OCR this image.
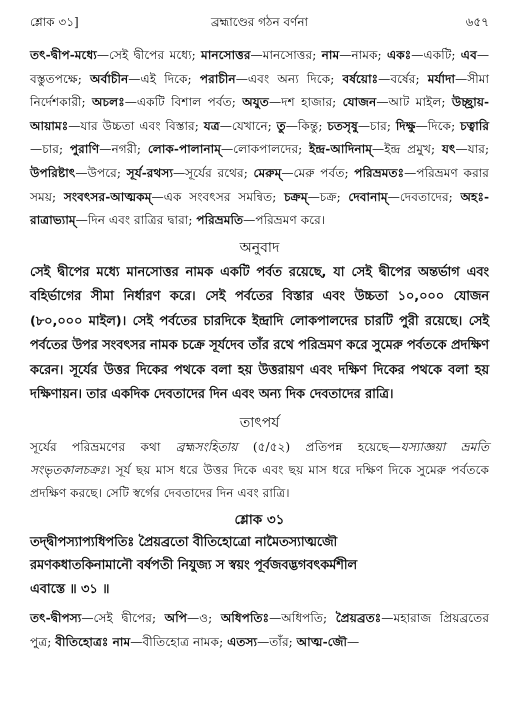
শ্লোক ৩১]	ব্রহ্মাণ্ডের গঠন বর্ণনা	৬৫৭

তৎ-দ্বীপ-মধ্যে—সেই দ্বীপের মধ্যে; মানসোত্তর—মানসোত্তর; নাম—নামক; একঃ—একটি; এব—বস্তুতপক্ষে; অর্বাচীন—এই দিকে; পরাচীন—এবং অন্য দিকে; বর্ষয়োঃ—বর্ষের; মর্যাদা—সীমা নির্দেশকারী; অচলঃ—একটি বিশাল পর্বত; অযুত—দশ হাজার; যোজন—আট মাইল; উচ্ছ্রায়-আয়ামঃ—যার উচ্চতা এবং বিস্তার; যত্র—যেখানে; তু—কিন্তু; চতসৃষু—চার; দিক্ষু—দিকে; চত্বারি—চার; পুরাণি—নগরী; লোক-পালানাম্—লোকপালদের; ইন্দ্র-আদিনাম্—ইন্দ্র প্রমুখ; যৎ—যার; উপরিষ্টাৎ—উপরে; সূর্য-রথস্য—সূর্যের রথের; মেরুম্—মেরু পর্বত; পরিভ্রমতঃ—পরিভ্রমণ করার সময়; সংবৎসর-আত্মকম্—এক সংবৎসর সমন্বিত; চক্রম্—চক্র; দেবানাম্—দেবতাদের; অহঃ-রাত্রাভ্যাম্—দিন এবং রাত্রির দ্বারা; পরিভ্রমতি—পরিভ্রমণ করে।

অনুবাদ

সেই দ্বীপের মধ্যে মানসোত্তর নামক একটি পর্বত রয়েছে, যা সেই দ্বীপের অন্তর্ভাগ এবং বহির্ভাগের সীমা নির্ধারণ করে। সেই পর্বতের বিস্তার এবং উচ্চতা ১০,০০০ যোজন (৮০,০০০ মাইল)। সেই পর্বতের চারদিকে ইন্দ্রাদি লোকপালদের চারটি পুরী রয়েছে। সেই পর্বতের উপর সংবৎসর নামক চক্রে সূর্যদেব তাঁর রথে পরিভ্রমণ করে সুমেরু পর্বতকে প্রদক্ষিণ করেন। সূর্যের উত্তর দিকের পথকে বলা হয় উত্তরায়ণ এবং দক্ষিণ দিকের পথকে বলা হয় দক্ষিণায়ন। তার একদিক দেবতাদের দিন এবং অন্য দিক দেবতাদের রাত্রি।

তাৎপর্য

সূর্যের পরিভ্রমণের কথা ব্রহ্মসংহিতায় (৫/৫২) প্রতিপন্ন হয়েছে—যস্যাজ্ঞয়া ভ্রমতি সংভৃতকালচক্রঃ। সূর্য ছয় মাস ধরে উত্তর দিকে এবং ছয় মাস ধরে দক্ষিণ দিকে সুমেরু পর্বতকে প্রদক্ষিণ করছে। সেটি স্বর্গের দেবতাদের দিন এবং রাত্রি।

শ্লোক ৩১

তদ্দ্বীপস্যাপ্যধিপতিঃ প্রৈয়ব্রতো বীতিহোত্রো নামৈতস্যাত্মজৌ
রমণকধাতকিনামানৌ বর্ষপতী নিযুজ্য স স্বয়ং পূর্বজবদ্ভগবৎকর্মশীল
এবাস্তে ॥ ৩১ ॥

তৎ-দ্বীপস্য—সেই দ্বীপের; অপি—ও; অধিপতিঃ—অধিপতি; প্রৈয়ব্রতঃ—মহারাজ প্রিয়ব্রতের পুত্র; বীতিহোত্রঃ নাম—বীতিহোত্র নামক; এতস্য—তাঁর; আত্ম-জৌ—
